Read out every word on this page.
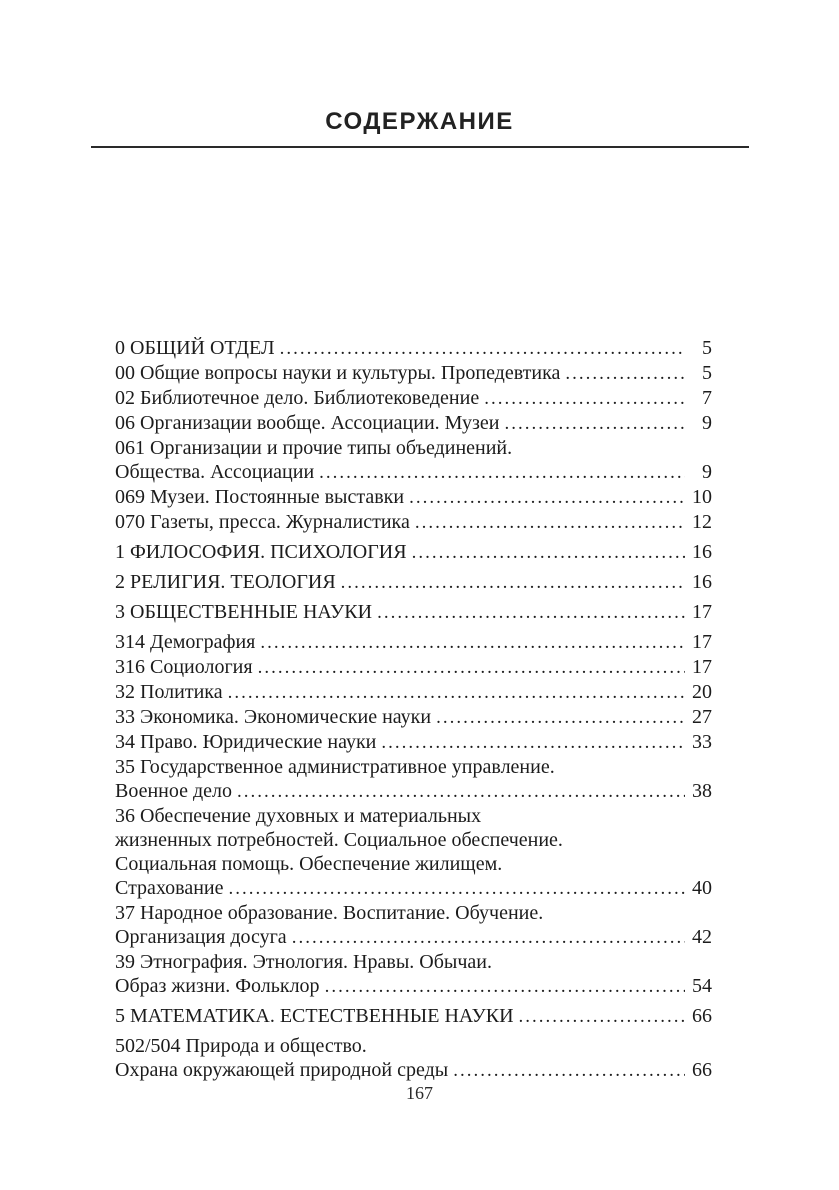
СОДЕРЖАНИЕ
0 ОБЩИЙ ОТДЕЛ .....	5
00 Общие вопросы науки и культуры. Пропедевтика .....	5
02 Библиотечное дело. Библиотековедение .....	7
06 Организации вообще. Ассоциации. Музеи .....	9
061 Организации и прочие типы объединений.
Общества. Ассоциации .....	9
069 Музеи. Постоянные выставки .....	10
070 Газеты, пресса. Журналистика .....	12
1 ФИЛОСОФИЯ. ПСИХОЛОГИЯ .....	16
2 РЕЛИГИЯ. ТЕОЛОГИЯ .....	16
3 ОБЩЕСТВЕННЫЕ НАУКИ .....	17
314 Демография .....	17
316 Социология .....	17
32 Политика .....	20
33 Экономика. Экономические науки .....	27
34 Право. Юридические науки .....	33
35 Государственное административное управление.
Военное дело .....	38
36 Обеспечение духовных и материальных
жизненных потребностей. Социальное обеспечение.
Социальная помощь. Обеспечение жилищем.
Страхование .....	40
37 Народное образование. Воспитание. Обучение.
Организация досуга .....	42
39 Этнография. Этнология. Нравы. Обычаи.
Образ жизни. Фольклор .....	54
5 МАТЕМАТИКА. ЕСТЕСТВЕННЫЕ НАУКИ .....	66
502/504 Природа и общество.
Охрана окружающей природной среды .....	66
167
